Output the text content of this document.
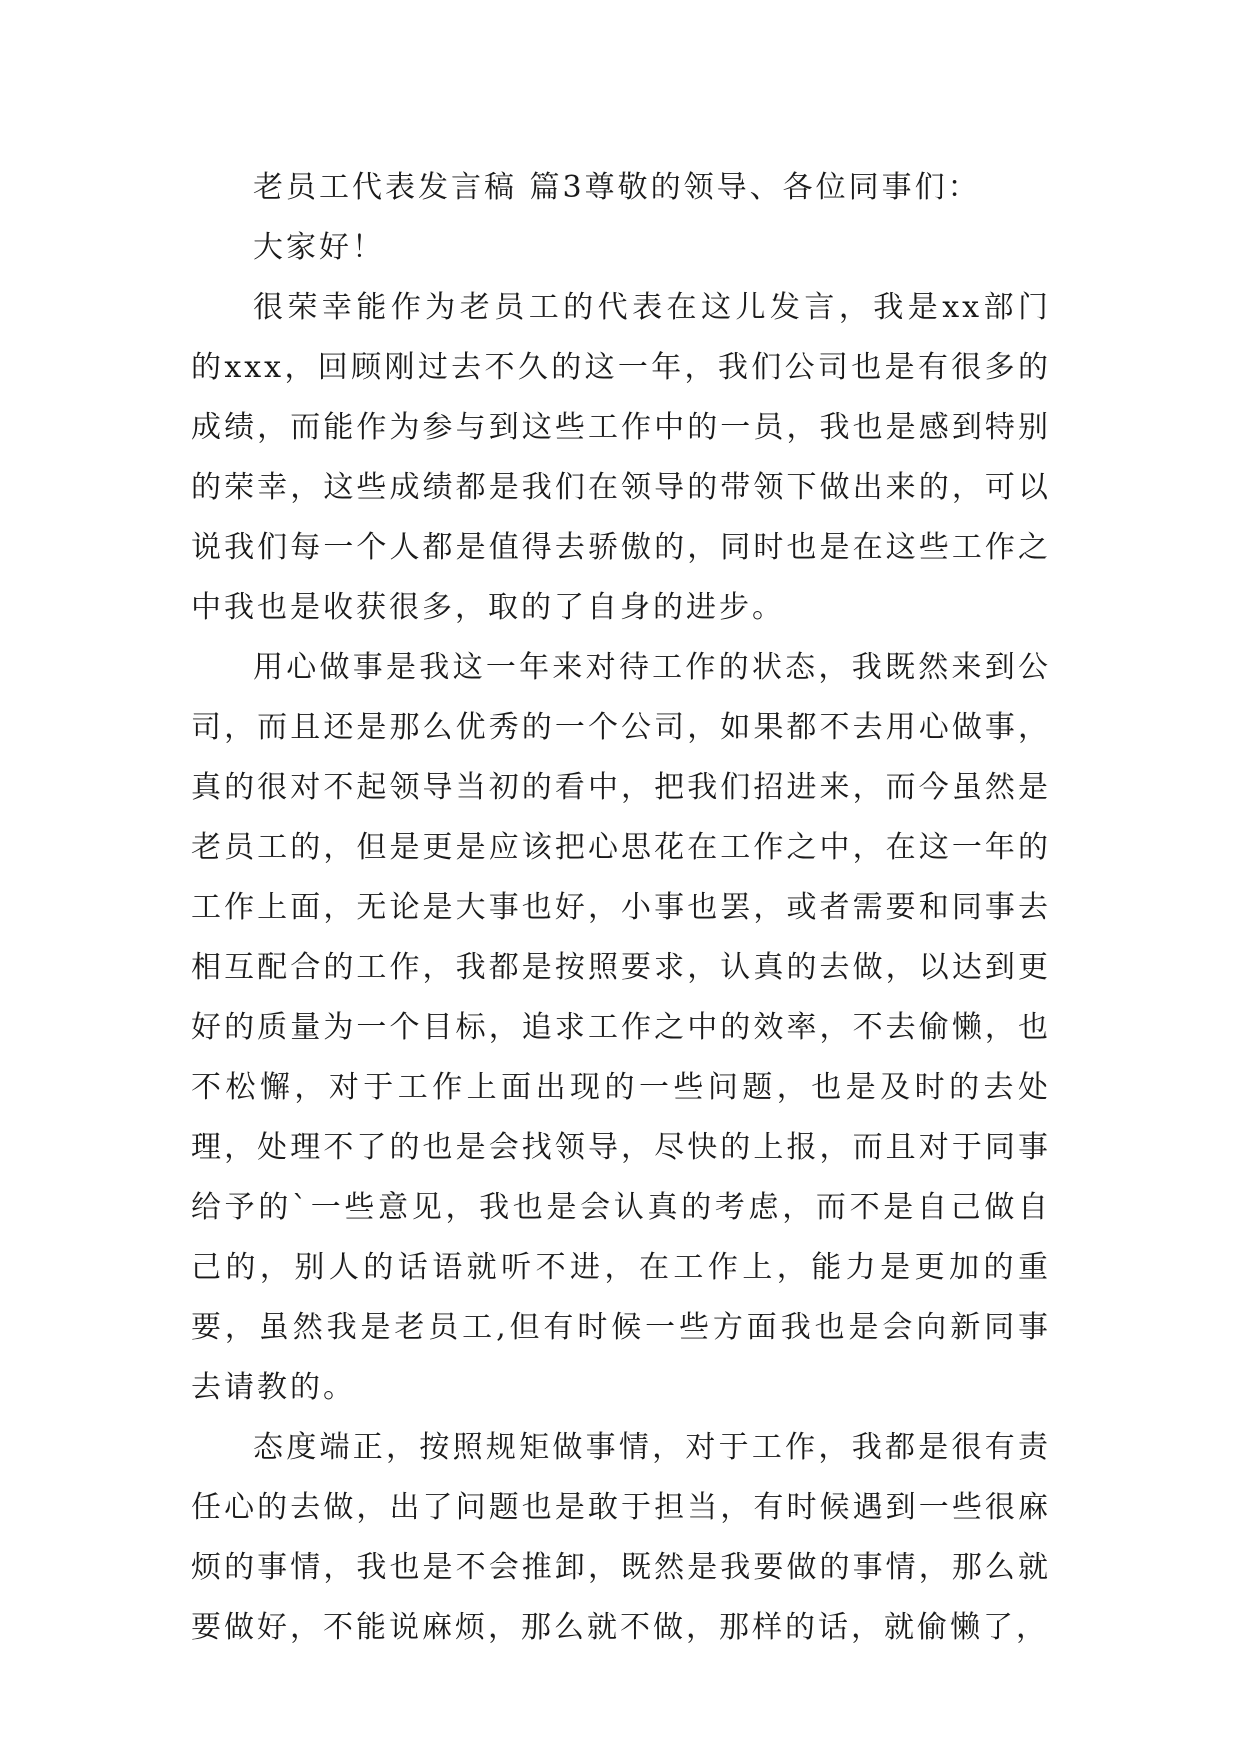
老员工代表发言稿 篇3尊敬的领导、各位同事们：

大家好！

很荣幸能作为老员工的代表在这儿发言，我是xx部门的xxx，回顾刚过去不久的这一年，我们公司也是有很多的成绩，而能作为参与到这些工作中的一员，我也是感到特别的荣幸，这些成绩都是我们在领导的带领下做出来的，可以说我们每一个人都是值得去骄傲的，同时也是在这些工作之中我也是收获很多，取的了自身的进步。

用心做事是我这一年来对待工作的状态，我既然来到公司，而且还是那么优秀的一个公司，如果都不去用心做事，真的很对不起领导当初的看中，把我们招进来，而今虽然是老员工的，但是更是应该把心思花在工作之中，在这一年的工作上面，无论是大事也好，小事也罢，或者需要和同事去相互配合的工作，我都是按照要求，认真的去做，以达到更好的质量为一个目标，追求工作之中的效率，不去偷懒，也不松懈，对于工作上面出现的一些问题，也是及时的去处理，处理不了的也是会找领导，尽快的上报，而且对于同事给予的`一些意见，我也是会认真的考虑，而不是自己做自己的，别人的话语就听不进，在工作上，能力是更加的重要，虽然我是老员工,但有时候一些方面我也是会向新同事去请教的。

态度端正，按照规矩做事情，对于工作，我都是很有责任心的去做，出了问题也是敢于担当，有时候遇到一些很麻烦的事情，我也是不会推卸，既然是我要做的事情，那么就要做好，不能说麻烦，那么就不做，那样的话，就偷懒了，
